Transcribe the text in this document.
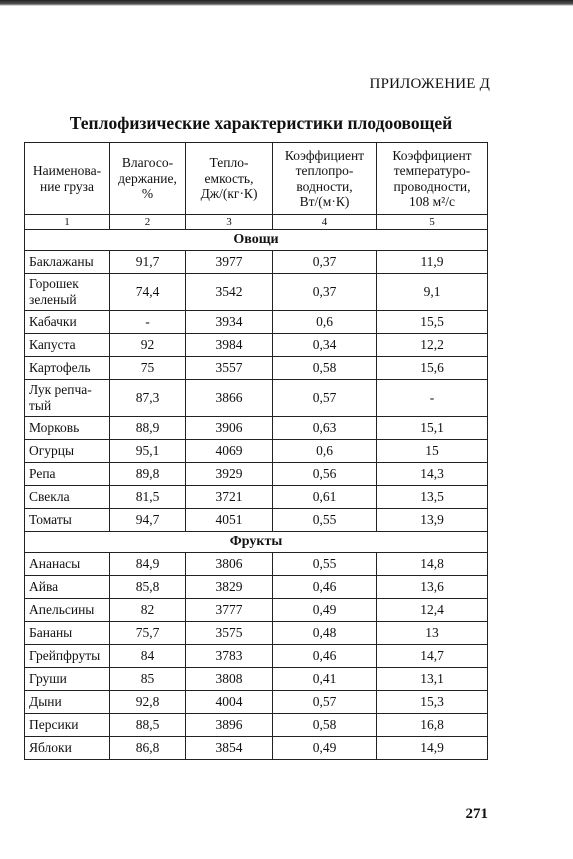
ПРИЛОЖЕНИЕ Д
Теплофизические характеристики плодоовощей
Наименова-
ние груза	Влагосо-
держание,
%	Тепло-
емкость,
Дж/(кг·К)	Коэффициент
теплопро-
водности,
Вт/(м·К)	Коэффициент
температуро-
проводности,
108 м²/с
1	2	3	4	5
Овощи				
Баклажаны	91,7	3977	0,37	11,9
Горошек
зеленый	74,4	3542	0,37	9,1
Кабачки	-	3934	0,6	15,5
Капуста	92	3984	0,34	12,2
Картофель	75	3557	0,58	15,6
Лук репча-
тый	87,3	3866	0,57	-
Морковь	88,9	3906	0,63	15,1
Огурцы	95,1	4069	0,6	15
Репа	89,8	3929	0,56	14,3
Свекла	81,5	3721	0,61	13,5
Томаты	94,7	4051	0,55	13,9
Фрукты				
Ананасы	84,9	3806	0,55	14,8
Айва	85,8	3829	0,46	13,6
Апельсины	82	3777	0,49	12,4
Бананы	75,7	3575	0,48	13
Грейпфруты	84	3783	0,46	14,7
Груши	85	3808	0,41	13,1
Дыни	92,8	4004	0,57	15,3
Персики	88,5	3896	0,58	16,8
Яблоки	86,8	3854	0,49	14,9
271
